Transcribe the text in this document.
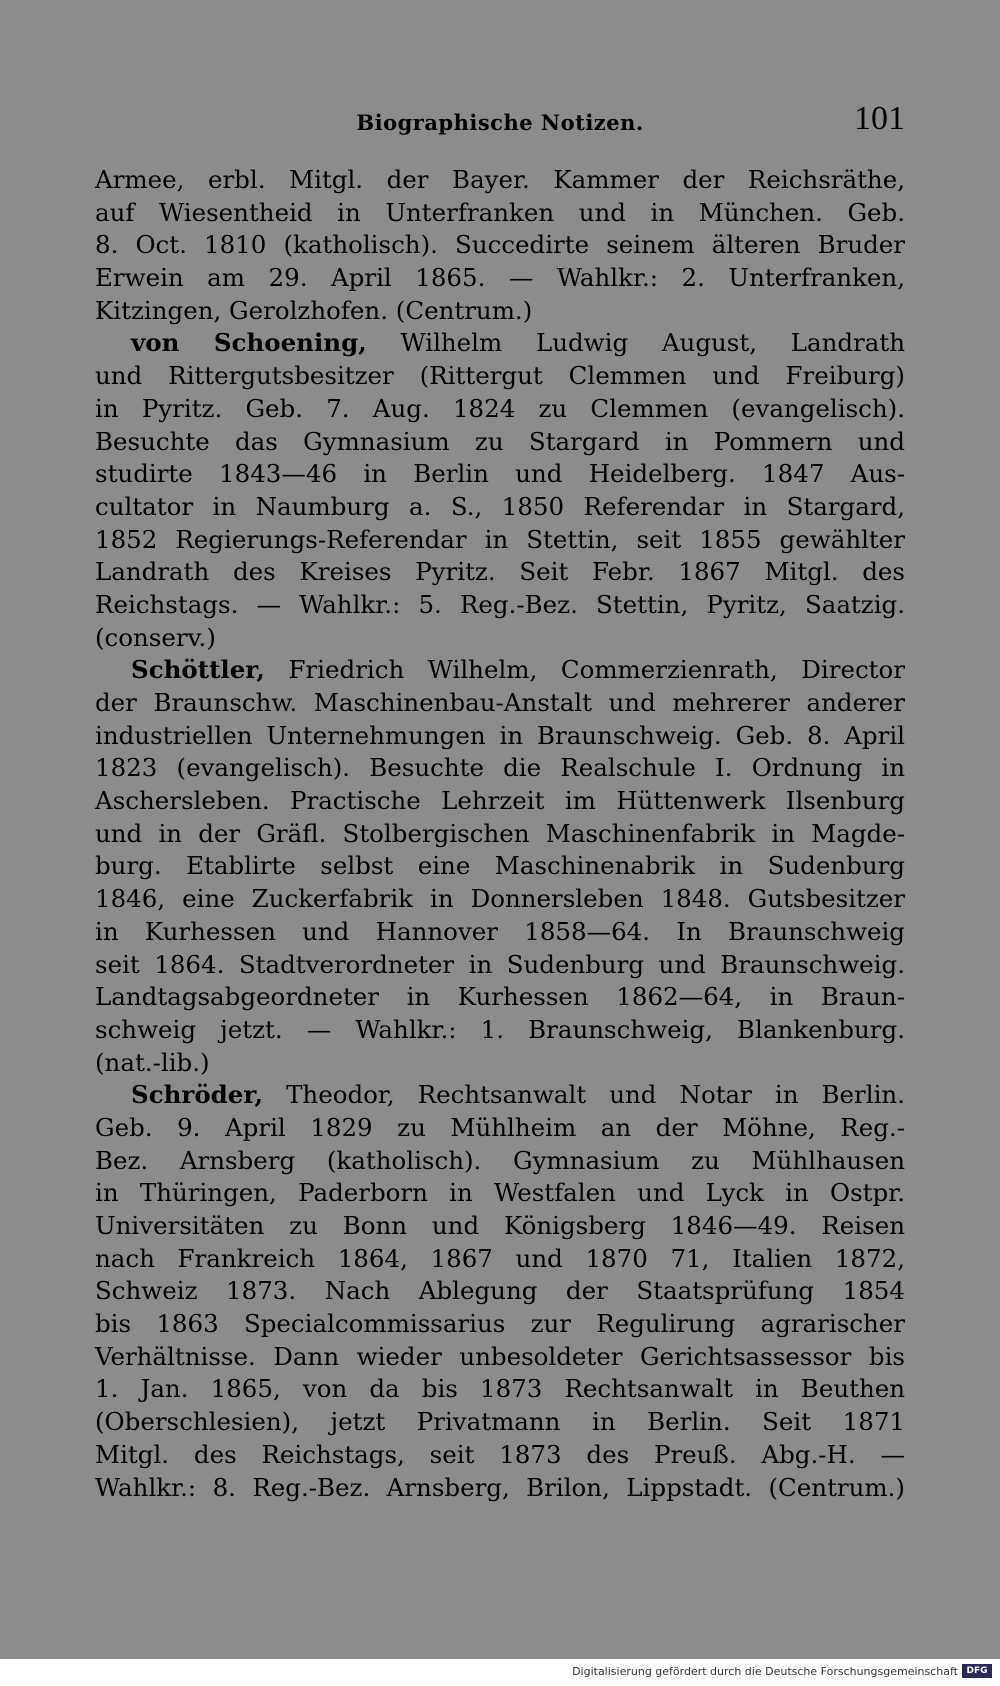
Biographische Notizen.	101
Armee, erbl. Mitgl. der Bayer. Kammer der Reichsräthe,
auf Wiesentheid in Unterfranken und in München. Geb.
8. Oct. 1810 (katholisch). Succedirte seinem älteren Bruder
Erwein am 29. April 1865. — Wahlkr.: 2. Unterfranken,
Kitzingen, Gerolzhofen. (Centrum.)
von Schoening, Wilhelm Ludwig August, Landrath
und Rittergutsbesitzer (Rittergut Clemmen und Freiburg)
in Pyritz. Geb. 7. Aug. 1824 zu Clemmen (evangelisch).
Besuchte das Gymnasium zu Stargard in Pommern und
studirte 1843—46 in Berlin und Heidelberg. 1847 Aus-
cultator in Naumburg a. S., 1850 Referendar in Stargard,
1852 Regierungs-Referendar in Stettin, seit 1855 gewählter
Landrath des Kreises Pyritz. Seit Febr. 1867 Mitgl. des
Reichstags. — Wahlkr.: 5. Reg.-Bez. Stettin, Pyritz, Saatzig.
(conserv.)
Schöttler, Friedrich Wilhelm, Commerzienrath, Director
der Braunschw. Maschinenbau-Anstalt und mehrerer anderer
industriellen Unternehmungen in Braunschweig. Geb. 8. April
1823 (evangelisch). Besuchte die Realschule I. Ordnung in
Aschersleben. Practische Lehrzeit im Hüttenwerk Ilsenburg
und in der Gräfl. Stolbergischen Maschinenfabrik in Magde-
burg. Etablirte selbst eine Maschinenabrik in Sudenburg
1846, eine Zuckerfabrik in Donnersleben 1848. Gutsbesitzer
in Kurhessen und Hannover 1858—64. In Braunschweig
seit 1864. Stadtverordneter in Sudenburg und Braunschweig.
Landtagsabgeordneter in Kurhessen 1862—64, in Braun-
schweig jetzt. — Wahlkr.: 1. Braunschweig, Blankenburg.
(nat.-lib.)
Schröder, Theodor, Rechtsanwalt und Notar in Berlin.
Geb. 9. April 1829 zu Mühlheim an der Möhne, Reg.-
Bez. Arnsberg (katholisch). Gymnasium zu Mühlhausen
in Thüringen, Paderborn in Westfalen und Lyck in Ostpr.
Universitäten zu Bonn und Königsberg 1846—49. Reisen
nach Frankreich 1864, 1867 und 1870 71, Italien 1872,
Schweiz 1873. Nach Ablegung der Staatsprüfung 1854
bis 1863 Specialcommissarius zur Regulirung agrarischer
Verhältnisse. Dann wieder unbesoldeter Gerichtsassessor bis
1. Jan. 1865, von da bis 1873 Rechtsanwalt in Beuthen
(Oberschlesien), jetzt Privatmann in Berlin. Seit 1871
Mitgl. des Reichstags, seit 1873 des Preuß. Abg.-H. —
Wahlkr.: 8. Reg.-Bez. Arnsberg, Brilon, Lippstadt. (Centrum.)
Digitalisierung gefördert durch die Deutsche Forschungsgemeinschaft DFG
